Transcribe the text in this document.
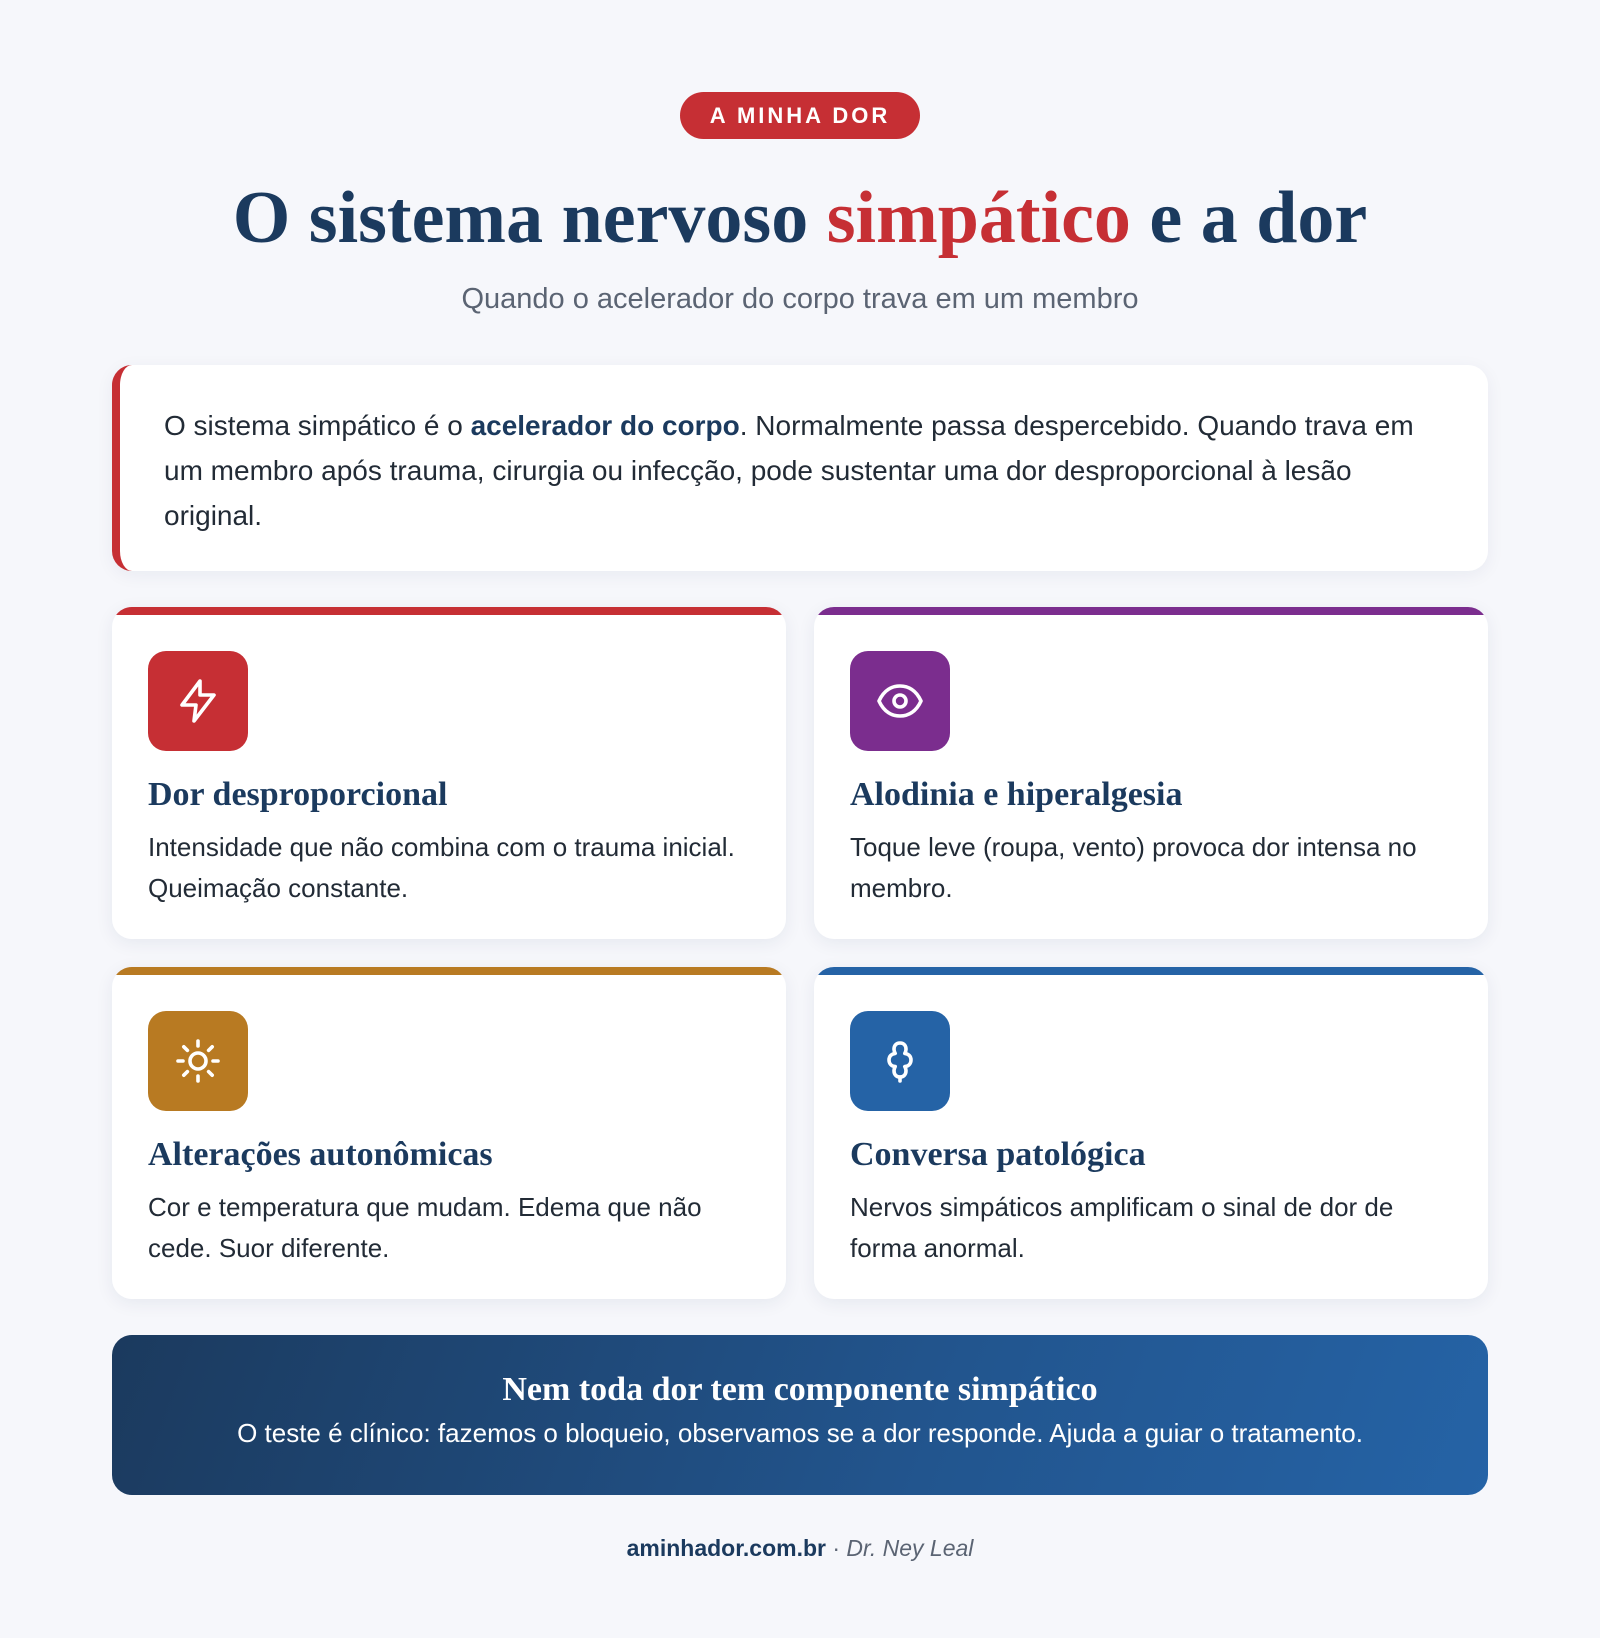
A MINHA DOR
O sistema nervoso simpático e a dor
Quando o acelerador do corpo trava em um membro
O sistema simpático é o acelerador do corpo. Normalmente passa despercebido. Quando trava em um membro após trauma, cirurgia ou infecção, pode sustentar uma dor desproporcional à lesão original.
Dor desproporcional

Intensidade que não combina com o trauma inicial. Queimação constante.

Alodinia e hiperalgesia

Toque leve (roupa, vento) provoca dor intensa no membro.

Alterações autonômicas

Cor e temperatura que mudam. Edema que não cede. Suor diferente.

Conversa patológica

Nervos simpáticos amplificam o sinal de dor de forma anormal.

Nem toda dor tem componente simpático

O teste é clínico: fazemos o bloqueio, observamos se a dor responde. Ajuda a guiar o tratamento.

aminhador.com.br · Dr. Ney Leal
